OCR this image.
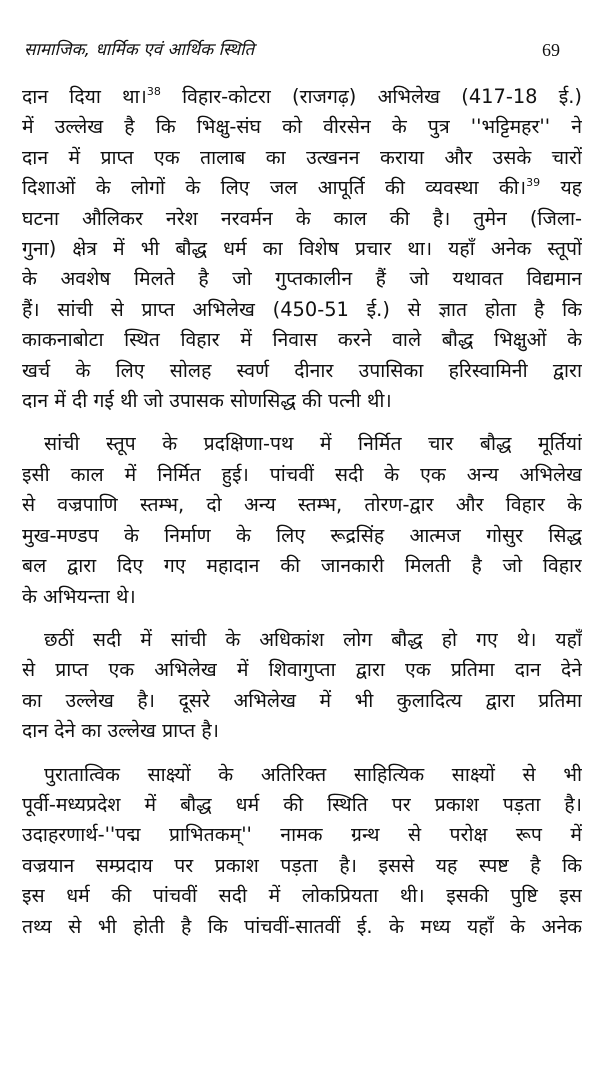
सामाजिक, धार्मिक एवं आर्थिक स्थिति	69

दान दिया था।$^{38}$ विहार-कोटरा (राजगढ़) अभिलेख (417-18 ई.)
में उल्लेख है कि भिक्षु-संघ को वीरसेन के पुत्र ''भट्टिमहर'' ने
दान में प्राप्त एक तालाब का उत्खनन कराया और उसके चारों
दिशाओं के लोगों के लिए जल आपूर्ति की व्यवस्था की।$^{39}$ यह
घटना औलिकर नरेश नरवर्मन के काल की है। तुमेन (जिला-
गुना) क्षेत्र में भी बौद्ध धर्म का विशेष प्रचार था। यहाँ अनेक स्तूपों
के अवशेष मिलते है जो गुप्तकालीन हैं जो यथावत विद्यमान
हैं। सांची से प्राप्त अभिलेख (450-51 ई.) से ज्ञात होता है कि
काकनाबोटा स्थित विहार में निवास करने वाले बौद्ध भिक्षुओं के
खर्च के लिए सोलह स्वर्ण दीनार उपासिका हरिस्वामिनी द्वारा
दान में दी गई थी जो उपासक सोणसिद्ध की पत्नी थी।

सांची स्तूप के प्रदक्षिणा-पथ में निर्मित चार बौद्ध मूर्तियां
इसी काल में निर्मित हुई। पांचवीं सदी के एक अन्य अभिलेख
से वज्रपाणि स्तम्भ, दो अन्य स्तम्भ, तोरण-द्वार और विहार के
मुख-मण्डप के निर्माण के लिए रूद्रसिंह आत्मज गोसुर सिद्ध
बल द्वारा दिए गए महादान की जानकारी मिलती है जो विहार
के अभियन्ता थे।

छठीं सदी में सांची के अधिकांश लोग बौद्ध हो गए थे। यहाँ
से प्राप्त एक अभिलेख में शिवागुप्ता द्वारा एक प्रतिमा दान देने
का उल्लेख है। दूसरे अभिलेख में भी कुलादित्य द्वारा प्रतिमा
दान देने का उल्लेख प्राप्त है।

पुरातात्विक साक्ष्यों के अतिरिक्त साहित्यिक साक्ष्यों से भी
पूर्वी-मध्यप्रदेश में बौद्ध धर्म की स्थिति पर प्रकाश पड़ता है।
उदाहरणार्थ-''पद्म प्राभितकम्'' नामक ग्रन्थ से परोक्ष रूप में
वज्रयान सम्प्रदाय पर प्रकाश पड़ता है। इससे यह स्पष्ट है कि
इस धर्म की पांचवीं सदी में लोकप्रियता थी। इसकी पुष्टि इस
तथ्य से भी होती है कि पांचवीं-सातवीं ई. के मध्य यहाँ के अनेक
